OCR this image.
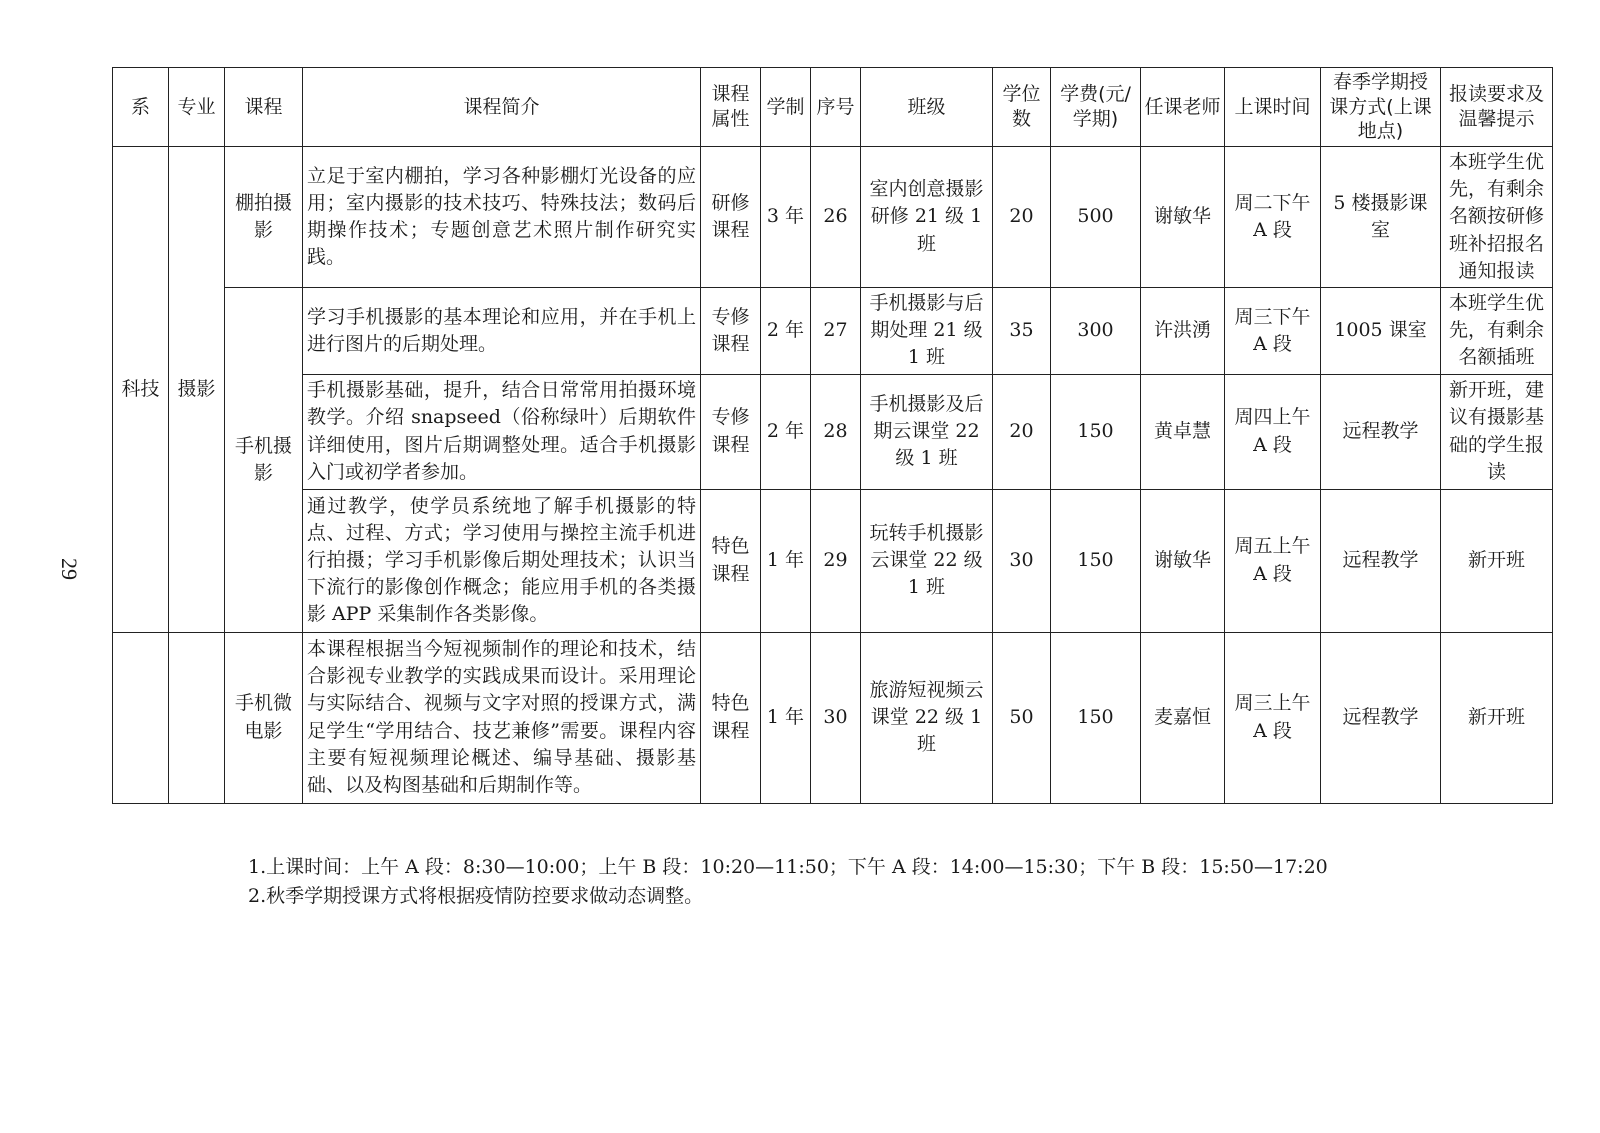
29
系	专业	课程	课程简介	课程属性	学制	序号	班级	学位数	学费(元/学期)	任课老师	上课时间	春季学期授课方式(上课地点)	报读要求及温馨提示
科技	摄影	棚拍摄影	立足于室内棚拍，学习各种影棚灯光设备的应用；室内摄影的技术技巧、特殊技法；数码后期操作技术；专题创意艺术照片制作研究实践。	研修课程	3 年	26	室内创意摄影研修 21 级 1 班	20	500	谢敏华	周二下午 A 段	5 楼摄影课室	本班学生优先，有剩余名额按研修班补招报名通知报读
		手机摄影	学习手机摄影的基本理论和应用，并在手机上进行图片的后期处理。	专修课程	2 年	27	手机摄影与后期处理 21 级 1 班	35	300	许洪湧	周三下午 A 段	1005 课室	本班学生优先，有剩余名额插班
			手机摄影基础，提升，结合日常常用拍摄环境教学。介绍 snapseed（俗称绿叶）后期软件详细使用，图片后期调整处理。适合手机摄影入门或初学者参加。	专修课程	2 年	28	手机摄影及后期云课堂 22 级 1 班	20	150	黄卓慧	周四上午 A 段	远程教学	新开班，建议有摄影基础的学生报读
			通过教学，使学员系统地了解手机摄影的特点、过程、方式；学习使用与操控主流手机进行拍摄；学习手机影像后期处理技术；认识当下流行的影像创作概念；能应用手机的各类摄影 APP 采集制作各类影像。	特色课程	1 年	29	玩转手机摄影云课堂 22 级 1 班	30	150	谢敏华	周五上午 A 段	远程教学	新开班
		手机微电影	本课程根据当今短视频制作的理论和技术，结合影视专业教学的实践成果而设计。采用理论与实际结合、视频与文字对照的授课方式，满足学生“学用结合、技艺兼修”需要。课程内容主要有短视频理论概述、编导基础、摄影基础、以及构图基础和后期制作等。	特色课程	1 年	30	旅游短视频云课堂 22 级 1 班	50	150	麦嘉恒	周三上午 A 段	远程教学	新开班
1.上课时间：上午 A 段：8:30—10:00；上午 B 段：10:20—11:50；下午 A 段：14:00—15:30；下午 B 段：15:50—17:20
2.秋季学期授课方式将根据疫情防控要求做动态调整。
